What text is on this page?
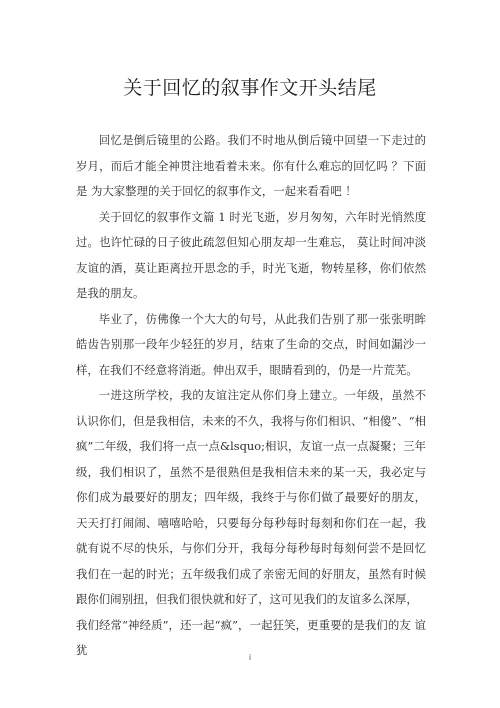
关于回忆的叙事作文开头结尾

回忆是倒后镜里的公路。我们不时地从倒后镜中回望一下走过的 岁月，而后才能全神贯注地看着未来。你有什么难忘的回忆吗 ？下面是 为大家整理的关于回忆的叙事作文，一起来看看吧 ！

关于回忆的叙事作文篇 1 时光飞逝，岁月匆匆，六年时光悄然度 过。也许忙碌的日子彼此疏忽但知心朋友却一生难忘， 莫让时间冲淡 友谊的酒，莫让距离拉开思念的手，时光飞逝，物转星移，你们依然 是我的朋友。

毕业了，仿佛像一个大大的句号，从此我们告别了那一张张明眸 皓齿告别那一段年少轻狂的岁月，结束了生命的交点，时间如漏沙一 样，在我们不经意将消逝。伸出双手，眼睛看到的，仍是一片荒芜。

一进这所学校，我的友谊注定从你们身上建立。一年级，虽然不 认识你们，但是我相信，未来的不久，我将与你们相识、“相傻”、“相 疯”二年级，我们将一点一点&lsquo;相识，友谊一点一点凝聚；三年 级，我们相识了，虽然不是很熟但是我相信未来的某一天，我必定与 你们成为最要好的朋友；四年级，我终于与你们做了最要好的朋友， 天天打打闹闹、嘻嘻哈哈，只要每分每秒每时每刻和你们在一起，我 就有说不尽的快乐，与你们分开，我每分每秒每时每刻何尝不是回忆 我们在一起的时光；五年级我们成了亲密无间的好朋友，虽然有时候 跟你们闹别扭，但我们很快就和好了，这可见我们的友谊多么深厚，

我们经常“神经质”，还一起“疯”，一起狂笑，更重要的是我们的友 谊犹

i
